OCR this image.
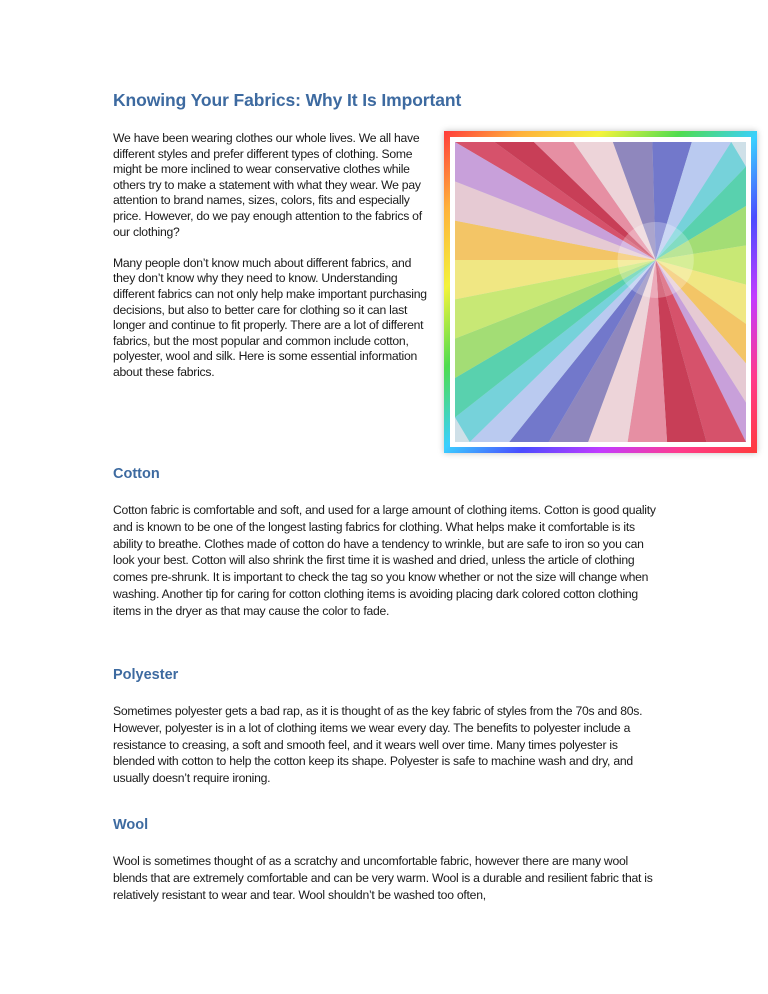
Knowing Your Fabrics: Why It Is Important

We have been wearing clothes our whole lives. We all have different styles and prefer different types of clothing. Some might be more inclined to wear conservative clothes while others try to make a statement with what they wear. We pay attention to brand names, sizes, colors, fits and especially price. However, do we pay enough attention to the fabrics of our clothing?

Many people don’t know much about different fabrics, and they don’t know why they need to know. Understanding different fabrics can not only help make important purchasing decisions, but also to better care for clothing so it can last longer and continue to fit properly. There are a lot of different fabrics, but the most popular and common include cotton, polyester, wool and silk. Here is some essential information about these fabrics.

Cotton

Cotton fabric is comfortable and soft, and used for a large amount of clothing items. Cotton is good quality and is known to be one of the longest lasting fabrics for clothing. What helps make it comfortable is its ability to breathe. Clothes made of cotton do have a tendency to wrinkle, but are safe to iron so you can look your best. Cotton will also shrink the first time it is washed and dried, unless the article of clothing comes pre-shrunk. It is important to check the tag so you know whether or not the size will change when washing. Another tip for caring for cotton clothing items is avoiding placing dark colored cotton clothing items in the dryer as that may cause the color to fade.

Polyester

Sometimes polyester gets a bad rap, as it is thought of as the key fabric of styles from the 70s and 80s. However, polyester is in a lot of clothing items we wear every day. The benefits to polyester include a resistance to creasing, a soft and smooth feel, and it wears well over time. Many times polyester is blended with cotton to help the cotton keep its shape. Polyester is safe to machine wash and dry, and usually doesn’t require ironing.

Wool

Wool is sometimes thought of as a scratchy and uncomfortable fabric, however there are many wool blends that are extremely comfortable and can be very warm. Wool is a durable and resilient fabric that is relatively resistant to wear and tear. Wool shouldn’t be washed too often,
